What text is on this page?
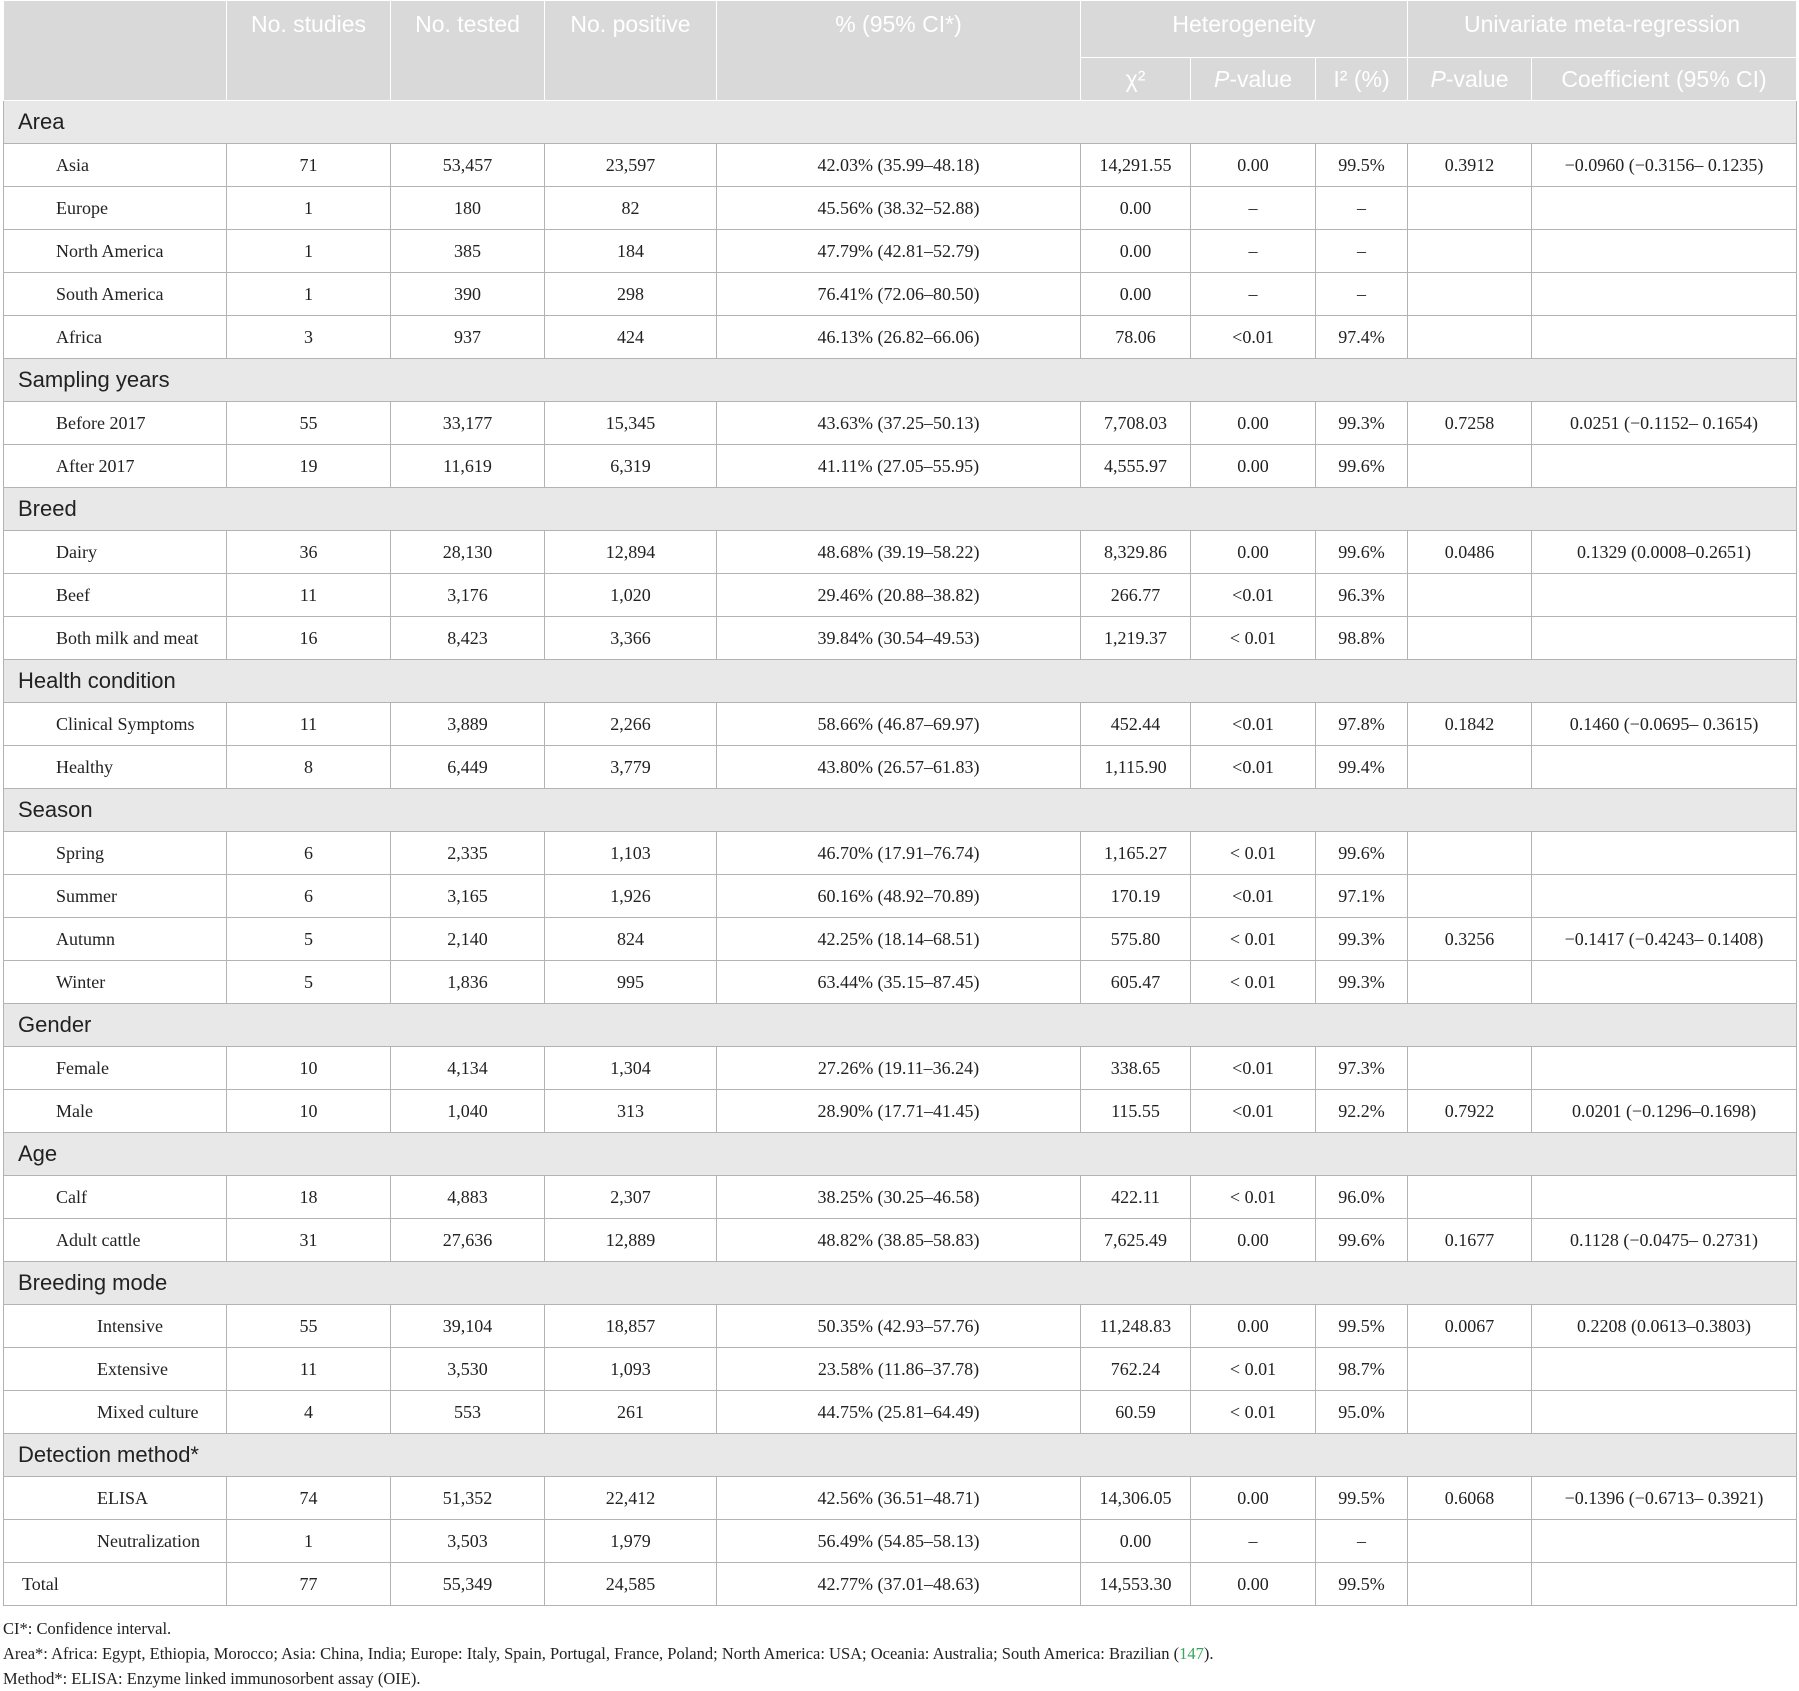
	No. studies	No. tested	No. positive	% (95% CI*)	Heterogeneity			Univariate meta-regression	
					χ²	P-value	I² (%)	P-value	Coefficient (95% CI)
Area									
Asia	71	53,457	23,597	42.03% (35.99–48.18)	14,291.55	0.00	99.5%	0.3912	−0.0960 (−0.3156– 0.1235)
Europe	1	180	82	45.56% (38.32–52.88)	0.00	–	–		
North America	1	385	184	47.79% (42.81–52.79)	0.00	–	–		
South America	1	390	298	76.41% (72.06–80.50)	0.00	–	–		
Africa	3	937	424	46.13% (26.82–66.06)	78.06	<0.01	97.4%		
Sampling years									
Before 2017	55	33,177	15,345	43.63% (37.25–50.13)	7,708.03	0.00	99.3%	0.7258	0.0251 (−0.1152– 0.1654)
After 2017	19	11,619	6,319	41.11% (27.05–55.95)	4,555.97	0.00	99.6%		
Breed									
Dairy	36	28,130	12,894	48.68% (39.19–58.22)	8,329.86	0.00	99.6%	0.0486	0.1329 (0.0008–0.2651)
Beef	11	3,176	1,020	29.46% (20.88–38.82)	266.77	<0.01	96.3%		
Both milk and meat	16	8,423	3,366	39.84% (30.54–49.53)	1,219.37	< 0.01	98.8%		
Health condition									
Clinical Symptoms	11	3,889	2,266	58.66% (46.87–69.97)	452.44	<0.01	97.8%	0.1842	0.1460 (−0.0695– 0.3615)
Healthy	8	6,449	3,779	43.80% (26.57–61.83)	1,115.90	<0.01	99.4%		
Season									
Spring	6	2,335	1,103	46.70% (17.91–76.74)	1,165.27	< 0.01	99.6%		
Summer	6	3,165	1,926	60.16% (48.92–70.89)	170.19	<0.01	97.1%		
Autumn	5	2,140	824	42.25% (18.14–68.51)	575.80	< 0.01	99.3%	0.3256	−0.1417 (−0.4243– 0.1408)
Winter	5	1,836	995	63.44% (35.15–87.45)	605.47	< 0.01	99.3%		
Gender									
Female	10	4,134	1,304	27.26% (19.11–36.24)	338.65	<0.01	97.3%		
Male	10	1,040	313	28.90% (17.71–41.45)	115.55	<0.01	92.2%	0.7922	0.0201 (−0.1296–0.1698)
Age									
Calf	18	4,883	2,307	38.25% (30.25–46.58)	422.11	< 0.01	96.0%		
Adult cattle	31	27,636	12,889	48.82% (38.85–58.83)	7,625.49	0.00	99.6%	0.1677	0.1128 (−0.0475– 0.2731)
Breeding mode									
Intensive	55	39,104	18,857	50.35% (42.93–57.76)	11,248.83	0.00	99.5%	0.0067	0.2208 (0.0613–0.3803)
Extensive	11	3,530	1,093	23.58% (11.86–37.78)	762.24	< 0.01	98.7%		
Mixed culture	4	553	261	44.75% (25.81–64.49)	60.59	< 0.01	95.0%		
Detection method*									
ELISA	74	51,352	22,412	42.56% (36.51–48.71)	14,306.05	0.00	99.5%	0.6068	−0.1396 (−0.6713– 0.3921)
Neutralization	1	3,503	1,979	56.49% (54.85–58.13)	0.00	–	–		
Total	77	55,349	24,585	42.77% (37.01–48.63)	14,553.30	0.00	99.5%		

CI*: Confidence interval.

Area*: Africa: Egypt, Ethiopia, Morocco; Asia: China, India; Europe: Italy, Spain, Portugal, France, Poland; North America: USA; Oceania: Australia; South America: Brazilian (147).

Method*: ELISA: Enzyme linked immunosorbent assay (OIE).
